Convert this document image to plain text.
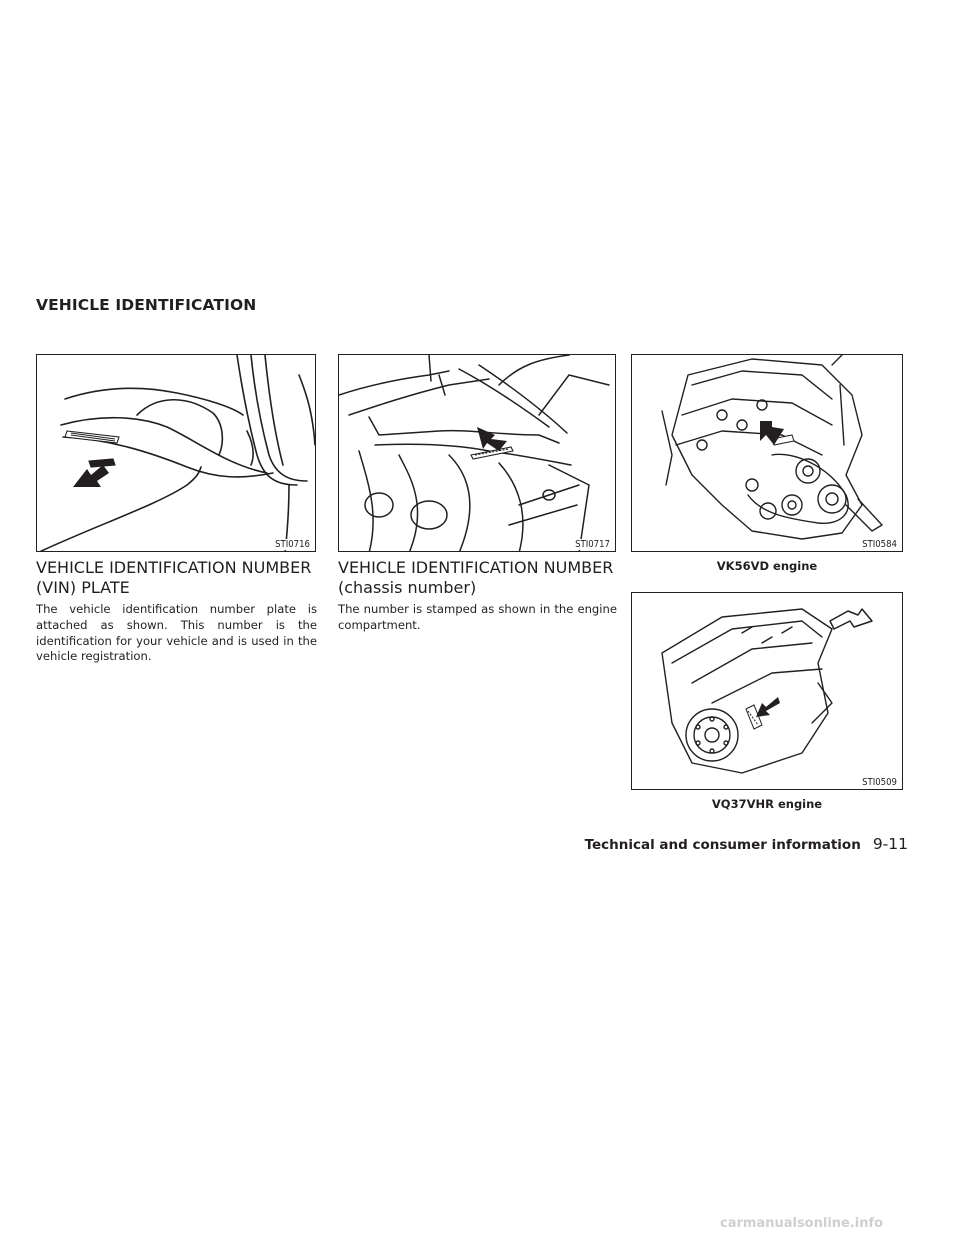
VEHICLE IDENTIFICATION
STI0716	STI0717	STI0584
VK56VD engine
STI0509
VQ37VHR engine
VEHICLE IDENTIFICATION NUMBER
(VIN) PLATE
The vehicle identification number plate is attached as shown. This number is the identification for your vehicle and is used in the vehicle registration.
VEHICLE IDENTIFICATION NUMBER
(chassis number)
The number is stamped as shown in the engine compartment.
Technical and consumer information 9-11
carmanualsonline.info
